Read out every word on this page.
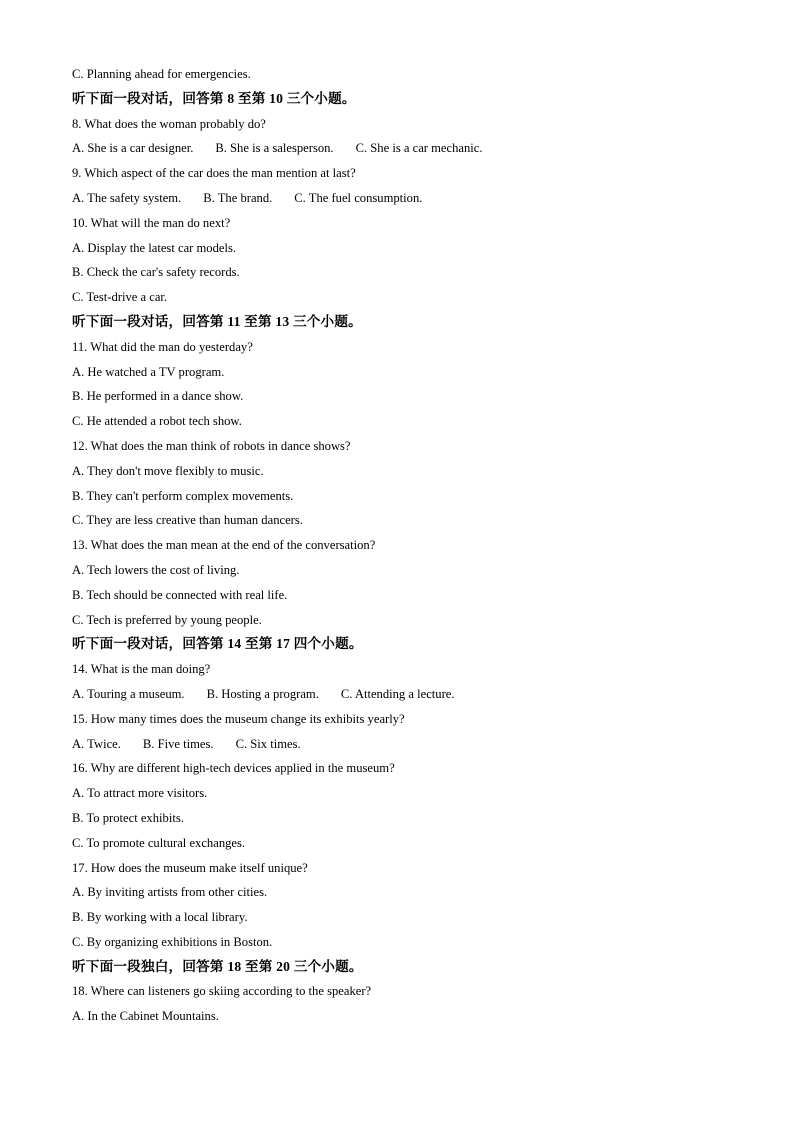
C. Planning ahead for emergencies.
听下面一段对话，回答第 8 至第 10 三个小题。
8. What does the woman probably do?
A. She is a car designer. B. She is a salesperson. C. She is a car mechanic.
9. Which aspect of the car does the man mention at last?
A. The safety system. B. The brand. C. The fuel consumption.
10. What will the man do next?
A. Display the latest car models.
B. Check the car's safety records.
C. Test-drive a car.
听下面一段对话，回答第 11 至第 13 三个小题。
11. What did the man do yesterday?
A. He watched a TV program.
B. He performed in a dance show.
C. He attended a robot tech show.
12. What does the man think of robots in dance shows?
A. They don't move flexibly to music.
B. They can't perform complex movements.
C. They are less creative than human dancers.
13. What does the man mean at the end of the conversation?
A. Tech lowers the cost of living.
B. Tech should be connected with real life.
C. Tech is preferred by young people.
听下面一段对话，回答第 14 至第 17 四个小题。
14. What is the man doing?
A. Touring a museum. B. Hosting a program. C. Attending a lecture.
15. How many times does the museum change its exhibits yearly?
A. Twice. B. Five times. C. Six times.
16. Why are different high-tech devices applied in the museum?
A. To attract more visitors.
B. To protect exhibits.
C. To promote cultural exchanges.
17. How does the museum make itself unique?
A. By inviting artists from other cities.
B. By working with a local library.
C. By organizing exhibitions in Boston.
听下面一段独白，回答第 18 至第 20 三个小题。
18. Where can listeners go skiing according to the speaker?
A. In the Cabinet Mountains.
